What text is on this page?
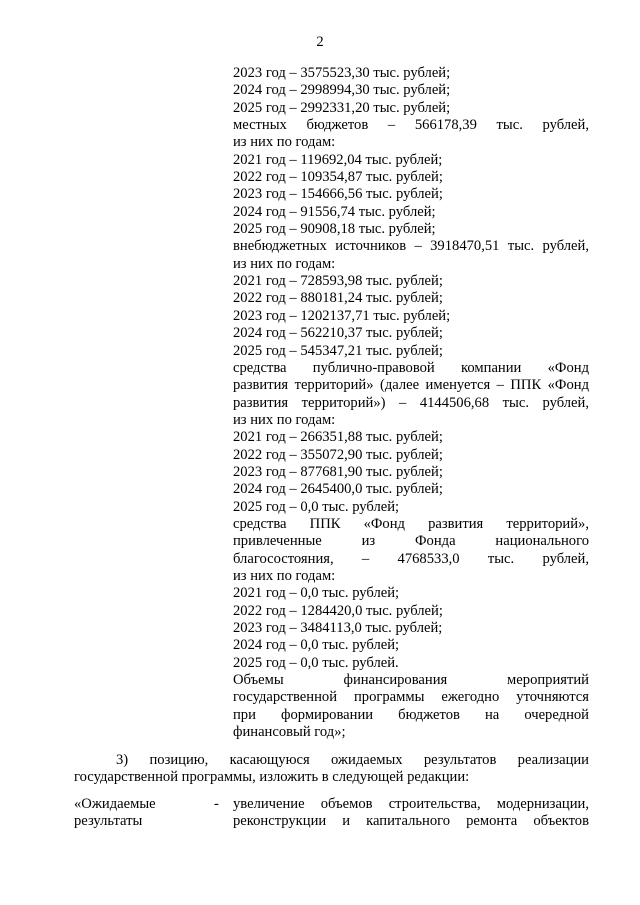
2
2023 год – 3575523,30 тыс. рублей;
2024 год – 2998994,30 тыс. рублей;
2025 год – 2992331,20 тыс. рублей;
местных бюджетов – 566178,39 тыс. рублей,
из них по годам:
2021 год – 119692,04 тыс. рублей;
2022 год – 109354,87 тыс. рублей;
2023 год – 154666,56 тыс. рублей;
2024 год – 91556,74 тыс. рублей;
2025 год – 90908,18 тыс. рублей;
внебюджетных источников – 3918470,51 тыс. рублей,
из них по годам:
2021 год – 728593,98 тыс. рублей;
2022 год – 880181,24 тыс. рублей;
2023 год – 1202137,71 тыс. рублей;
2024 год – 562210,37 тыс. рублей;
2025 год – 545347,21 тыс. рублей;
средства публично-правовой компании «Фонд
развития территорий» (далее именуется – ППК «Фонд
развития территорий») – 4144506,68 тыс. рублей,
из них по годам:
2021 год – 266351,88 тыс. рублей;
2022 год – 355072,90 тыс. рублей;
2023 год – 877681,90 тыс. рублей;
2024 год – 2645400,0 тыс. рублей;
2025 год – 0,0 тыс. рублей;
средства ППК «Фонд развития территорий»,
привлеченные из Фонда национального
благосостояния, – 4768533,0 тыс. рублей,
из них по годам:
2021 год – 0,0 тыс. рублей;
2022 год – 1284420,0 тыс. рублей;
2023 год – 3484113,0 тыс. рублей;
2024 год – 0,0 тыс. рублей;
2025 год – 0,0 тыс. рублей.
Объемы финансирования мероприятий
государственной программы ежегодно уточняются
при формировании бюджетов на очередной
финансовый год»;
3) позицию, касающуюся ожидаемых результатов реализации
государственной программы, изложить в следующей редакции:
«Ожидаемые
результаты
- увеличение объемов строительства, модернизации,
реконструкции и капитального ремонта объектов
